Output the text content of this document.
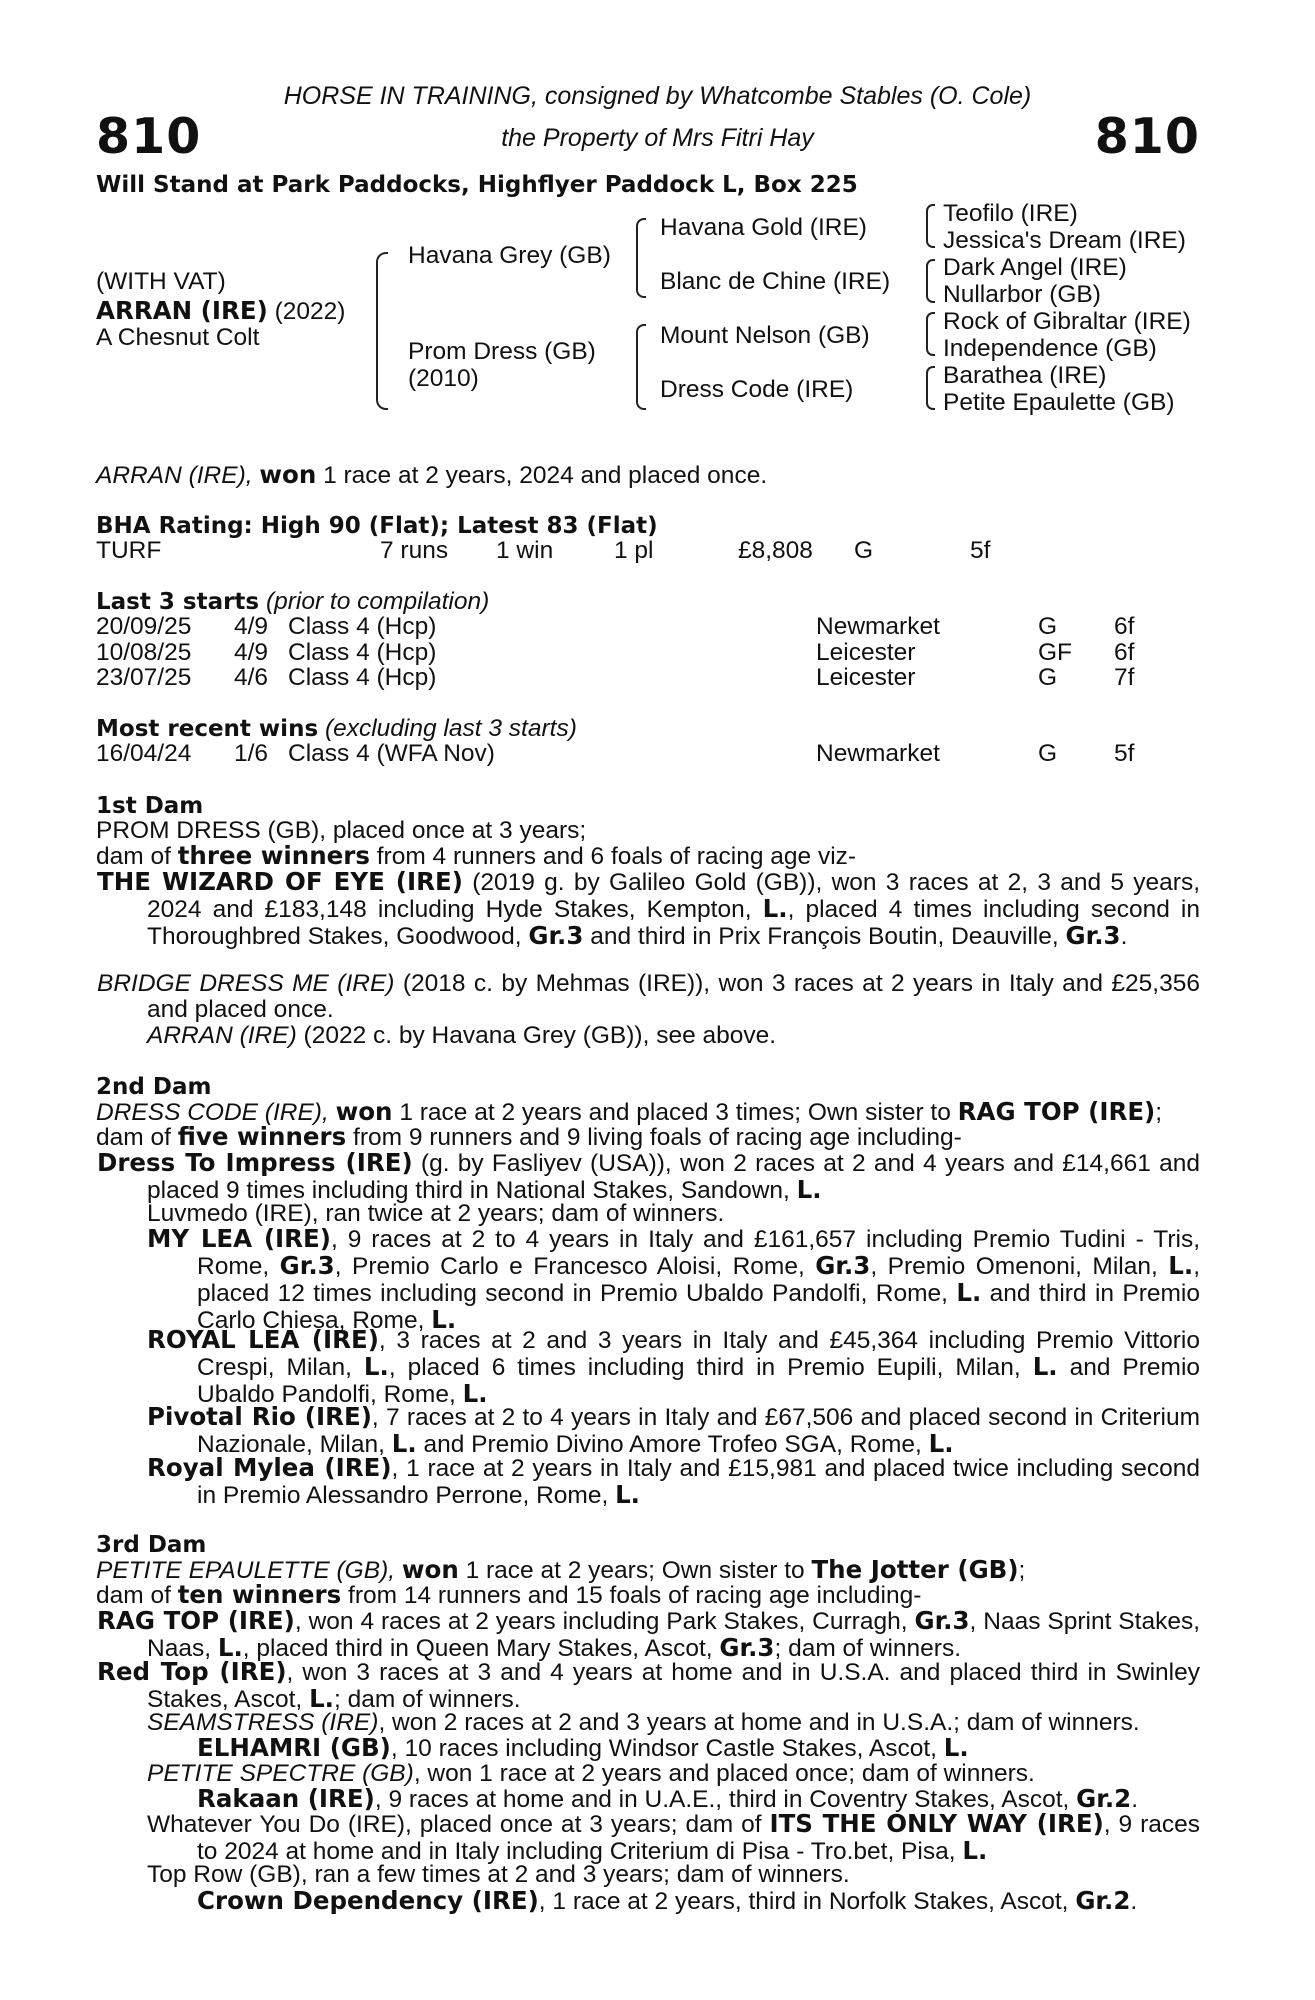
810	810
HORSE IN TRAINING, consigned by Whatcombe Stables (O. Cole)
the Property of Mrs Fitri Hay
Will Stand at Park Paddocks, Highflyer Paddock L, Box 225
(WITH VAT)
ARRAN (IRE) (2022)
A Chesnut Colt
Havana Grey (GB)
Prom Dress (GB)
(2010)
Havana Gold (IRE)
Blanc de Chine (IRE)
Mount Nelson (GB)
Dress Code (IRE)
Teofilo (IRE)
Jessica's Dream (IRE)
Dark Angel (IRE)
Nullarbor (GB)
Rock of Gibraltar (IRE)
Independence (GB)
Barathea (IRE)
Petite Epaulette (GB)
ARRAN (IRE), won 1 race at 2 years, 2024 and placed once.
BHA Rating: High 90 (Flat); Latest 83 (Flat)
TURF	7 runs 1 win 1 pl	£8,808 G	5f
Last 3 starts (prior to compilation)
20/09/25 4/9 Class 4 (Hcp)	Newmarket	G 6f
10/08/25 4/9 Class 4 (Hcp)	Leicester	GF 6f
23/07/25 4/6 Class 4 (Hcp)	Leicester	G 7f
Most recent wins (excluding last 3 starts)
16/04/24 1/6 Class 4 (WFA Nov)	Newmarket	G 5f
1st Dam
PROM DRESS (GB), placed once at 3 years;
dam of three winners from 4 runners and 6 foals of racing age viz-
THE WIZARD OF EYE (IRE) (2019 g. by Galileo Gold (GB)), won 3 races at 2, 3 and 5 years, 2024 and £183,148 including Hyde Stakes, Kempton, L., placed 4 times including second in Thoroughbred Stakes, Goodwood, Gr.3 and third in Prix François Boutin, Deauville, Gr.3.
BRIDGE DRESS ME (IRE) (2018 c. by Mehmas (IRE)), won 3 races at 2 years in Italy and £25,356 and placed once.
ARRAN (IRE) (2022 c. by Havana Grey (GB)), see above.
2nd Dam
DRESS CODE (IRE), won 1 race at 2 years and placed 3 times; Own sister to RAG TOP (IRE);
dam of five winners from 9 runners and 9 living foals of racing age including-
Dress To Impress (IRE) (g. by Fasliyev (USA)), won 2 races at 2 and 4 years and £14,661 and placed 9 times including third in National Stakes, Sandown, L.
Luvmedo (IRE), ran twice at 2 years; dam of winners.
MY LEA (IRE), 9 races at 2 to 4 years in Italy and £161,657 including Premio Tudini - Tris, Rome, Gr.3, Premio Carlo e Francesco Aloisi, Rome, Gr.3, Premio Omenoni, Milan, L., placed 12 times including second in Premio Ubaldo Pandolfi, Rome, L. and third in Premio Carlo Chiesa, Rome, L.
ROYAL LEA (IRE), 3 races at 2 and 3 years in Italy and £45,364 including Premio Vittorio Crespi, Milan, L., placed 6 times including third in Premio Eupili, Milan, L. and Premio Ubaldo Pandolfi, Rome, L.
Pivotal Rio (IRE), 7 races at 2 to 4 years in Italy and £67,506 and placed second in Criterium Nazionale, Milan, L. and Premio Divino Amore Trofeo SGA, Rome, L.
Royal Mylea (IRE), 1 race at 2 years in Italy and £15,981 and placed twice including second in Premio Alessandro Perrone, Rome, L.
3rd Dam
PETITE EPAULETTE (GB), won 1 race at 2 years; Own sister to The Jotter (GB);
dam of ten winners from 14 runners and 15 foals of racing age including-
RAG TOP (IRE), won 4 races at 2 years including Park Stakes, Curragh, Gr.3, Naas Sprint Stakes, Naas, L., placed third in Queen Mary Stakes, Ascot, Gr.3; dam of winners.
Red Top (IRE), won 3 races at 3 and 4 years at home and in U.S.A. and placed third in Swinley Stakes, Ascot, L.; dam of winners.
SEAMSTRESS (IRE), won 2 races at 2 and 3 years at home and in U.S.A.; dam of winners.
ELHAMRI (GB), 10 races including Windsor Castle Stakes, Ascot, L.
PETITE SPECTRE (GB), won 1 race at 2 years and placed once; dam of winners.
Rakaan (IRE), 9 races at home and in U.A.E., third in Coventry Stakes, Ascot, Gr.2.
Whatever You Do (IRE), placed once at 3 years; dam of ITS THE ONLY WAY (IRE), 9 races to 2024 at home and in Italy including Criterium di Pisa - Tro.bet, Pisa, L.
Top Row (GB), ran a few times at 2 and 3 years; dam of winners.
Crown Dependency (IRE), 1 race at 2 years, third in Norfolk Stakes, Ascot, Gr.2.
